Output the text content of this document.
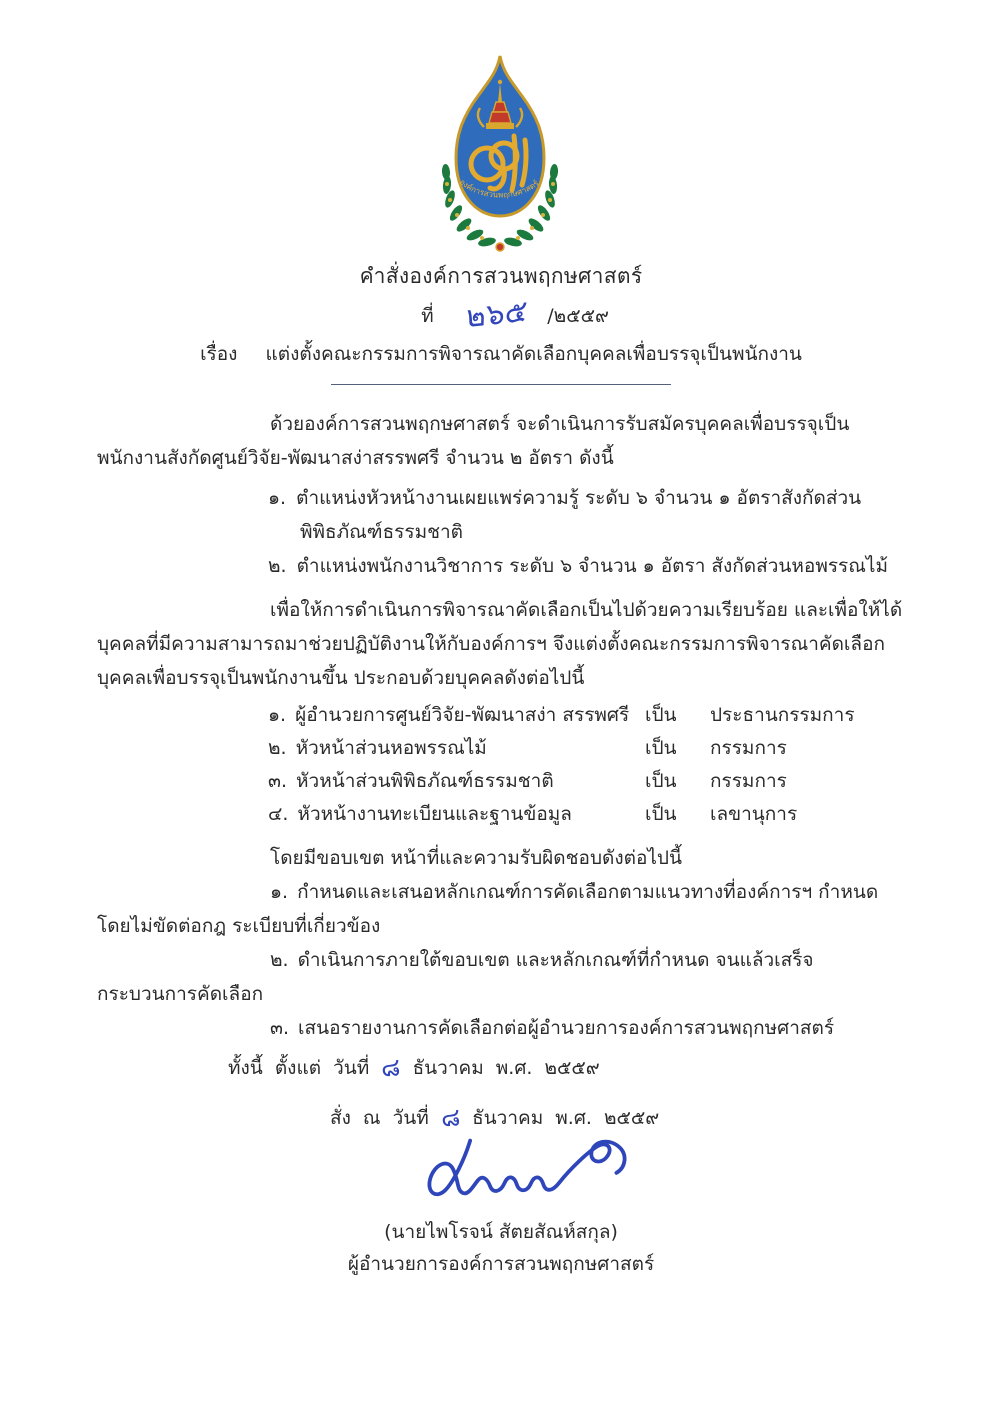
องค์การสวนพฤกษศาสตร์
คำสั่งองค์การสวนพฤกษศาสตร์
ที่ ๒๖๕ /๒๕๕๙
เรื่อง แต่งตั้งคณะกรรมการพิจารณาคัดเลือกบุคคลเพื่อบรรจุเป็นพนักงาน

ด้วยองค์การสวนพฤกษศาสตร์ จะดำเนินการรับสมัครบุคคลเพื่อบรรจุเป็นพนักงานสังกัดศูนย์วิจัย-พัฒนาสง่าสรรพศรี จำนวน ๒ อัตรา ดังนี้

๑. ตำแหน่งหัวหน้างานเผยแพร่ความรู้ ระดับ ๖ จำนวน ๑ อัตราสังกัดส่วนพิพิธภัณฑ์ธรรมชาติ
๒. ตำแหน่งพนักงานวิชาการ ระดับ ๖ จำนวน ๑ อัตรา สังกัดส่วนหอพรรณไม้

เพื่อให้การดำเนินการพิจารณาคัดเลือกเป็นไปด้วยความเรียบร้อย และเพื่อให้ได้บุคคลที่มีความสามารถมาช่วยปฏิบัติงานให้กับองค์การฯ จึงแต่งตั้งคณะกรรมการพิจารณาคัดเลือกบุคคลเพื่อบรรจุเป็นพนักงานขึ้น ประกอบด้วยบุคคลดังต่อไปนี้

๑. ผู้อำนวยการศูนย์วิจัย-พัฒนาสง่า สรรพศรี เป็น	ประธานกรรมการ
๒. หัวหน้าส่วนหอพรรณไม้	เป็น	กรรมการ
๓. หัวหน้าส่วนพิพิธภัณฑ์ธรรมชาติ	เป็น	กรรมการ
๔. หัวหน้างานทะเบียนและฐานข้อมูล	เป็น	เลขานุการ

โดยมีขอบเขต หน้าที่และความรับผิดชอบดังต่อไปนี้

๑. กำหนดและเสนอหลักเกณฑ์การคัดเลือกตามแนวทางที่องค์การฯ กำหนด โดยไม่ขัดต่อกฎ ระเบียบที่เกี่ยวข้อง

๒. ดำเนินการภายใต้ขอบเขต และหลักเกณฑ์ที่กำหนด จนแล้วเสร็จกระบวนการคัดเลือก

๓. เสนอรายงานการคัดเลือกต่อผู้อำนวยการองค์การสวนพฤกษศาสตร์

ทั้งนี้ ตั้งแต่ วันที่ ๘ ธันวาคม พ.ศ. ๒๕๕๙

สั่ง ณ วันที่ ๘ ธันวาคม พ.ศ. ๒๕๕๙

(นายไพโรจน์ สัตยสัณห์สกุล)
ผู้อำนวยการองค์การสวนพฤกษศาสตร์
